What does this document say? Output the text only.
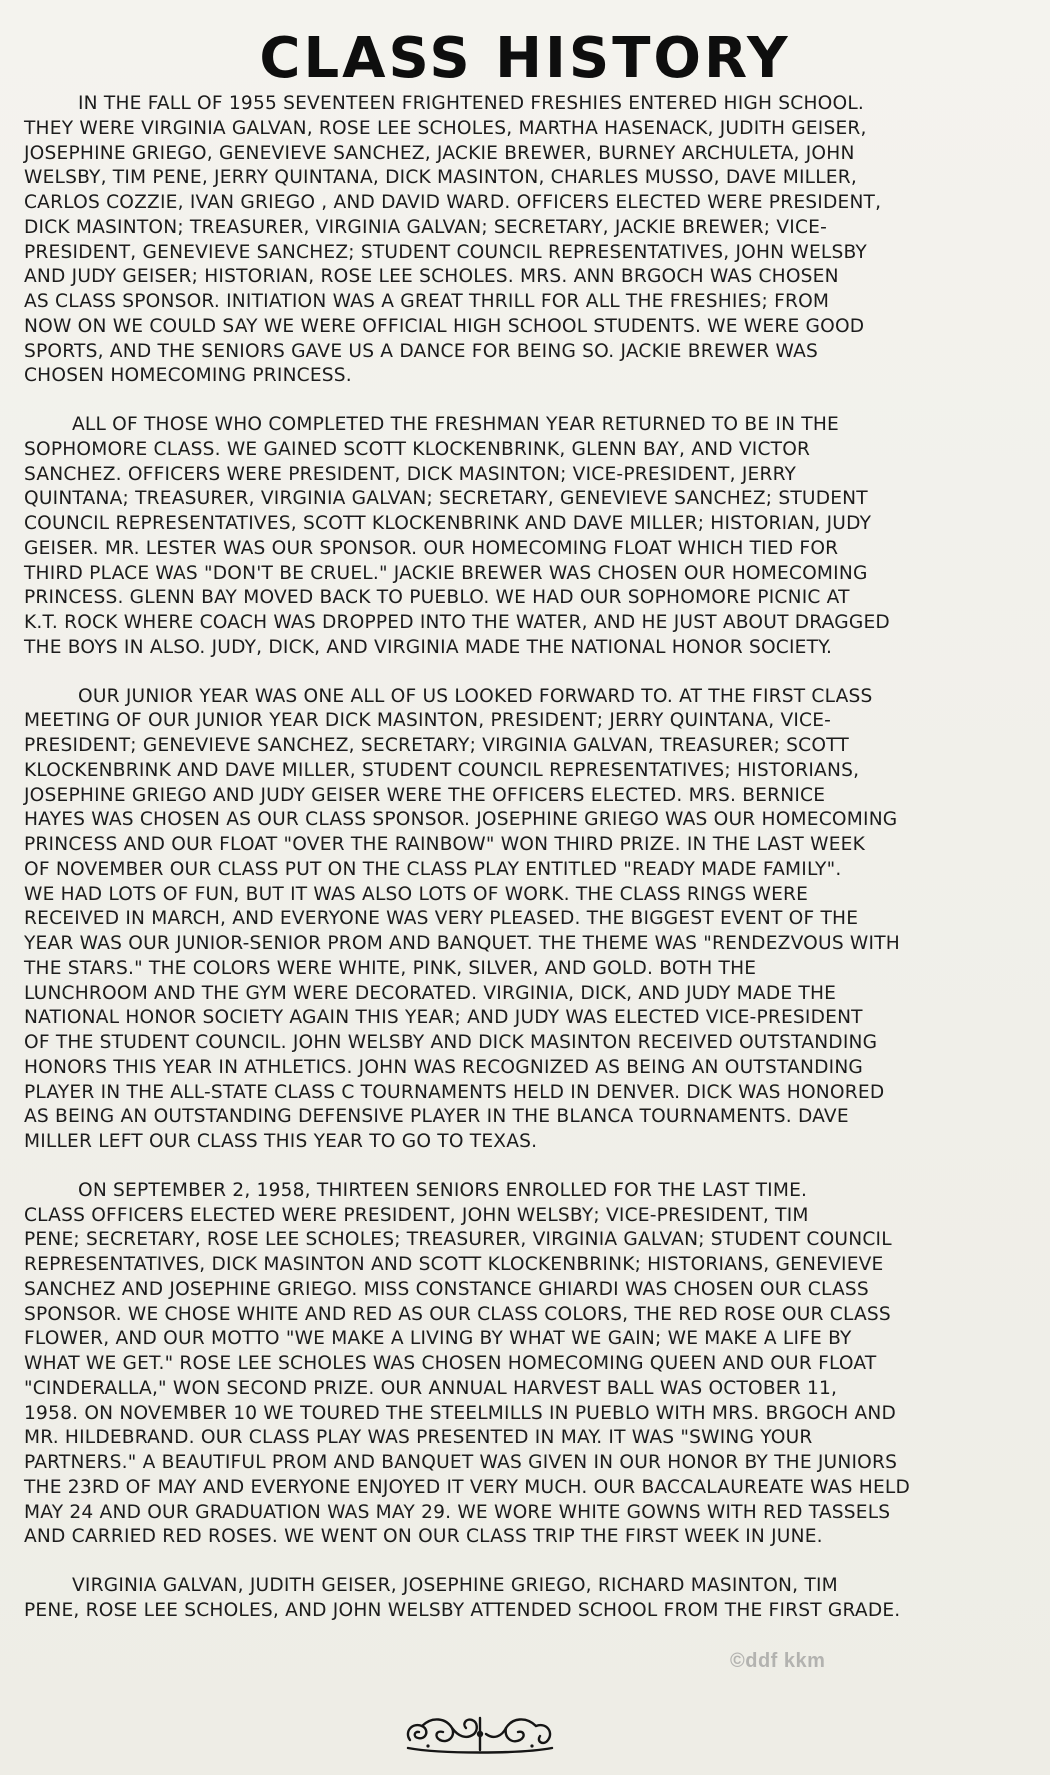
CLASS HISTORY

IN THE FALL OF 1955 SEVENTEEN FRIGHTENED FRESHIES ENTERED HIGH SCHOOL.
THEY WERE VIRGINIA GALVAN, ROSE LEE SCHOLES, MARTHA HASENACK, JUDITH GEISER,
JOSEPHINE GRIEGO, GENEVIEVE SANCHEZ, JACKIE BREWER, BURNEY ARCHULETA, JOHN
WELSBY, TIM PENE, JERRY QUINTANA, DICK MASINTON, CHARLES MUSSO, DAVE MILLER,
CARLOS COZZIE, IVAN GRIEGO , AND DAVID WARD. OFFICERS ELECTED WERE PRESIDENT,
DICK MASINTON; TREASURER, VIRGINIA GALVAN; SECRETARY, JACKIE BREWER; VICE-
PRESIDENT, GENEVIEVE SANCHEZ; STUDENT COUNCIL REPRESENTATIVES, JOHN WELSBY
AND JUDY GEISER; HISTORIAN, ROSE LEE SCHOLES. MRS. ANN BRGOCH WAS CHOSEN
AS CLASS SPONSOR. INITIATION WAS A GREAT THRILL FOR ALL THE FRESHIES; FROM
NOW ON WE COULD SAY WE WERE OFFICIAL HIGH SCHOOL STUDENTS. WE WERE GOOD
SPORTS, AND THE SENIORS GAVE US A DANCE FOR BEING SO. JACKIE BREWER WAS
CHOSEN HOMECOMING PRINCESS.

ALL OF THOSE WHO COMPLETED THE FRESHMAN YEAR RETURNED TO BE IN THE
SOPHOMORE CLASS. WE GAINED SCOTT KLOCKENBRINK, GLENN BAY, AND VICTOR
SANCHEZ. OFFICERS WERE PRESIDENT, DICK MASINTON; VICE-PRESIDENT, JERRY
QUINTANA; TREASURER, VIRGINIA GALVAN; SECRETARY, GENEVIEVE SANCHEZ; STUDENT
COUNCIL REPRESENTATIVES, SCOTT KLOCKENBRINK AND DAVE MILLER; HISTORIAN, JUDY
GEISER. MR. LESTER WAS OUR SPONSOR. OUR HOMECOMING FLOAT WHICH TIED FOR
THIRD PLACE WAS "DON'T BE CRUEL." JACKIE BREWER WAS CHOSEN OUR HOMECOMING
PRINCESS. GLENN BAY MOVED BACK TO PUEBLO. WE HAD OUR SOPHOMORE PICNIC AT
K.T. ROCK WHERE COACH WAS DROPPED INTO THE WATER, AND HE JUST ABOUT DRAGGED
THE BOYS IN ALSO. JUDY, DICK, AND VIRGINIA MADE THE NATIONAL HONOR SOCIETY.

OUR JUNIOR YEAR WAS ONE ALL OF US LOOKED FORWARD TO. AT THE FIRST CLASS
MEETING OF OUR JUNIOR YEAR DICK MASINTON, PRESIDENT; JERRY QUINTANA, VICE-
PRESIDENT; GENEVIEVE SANCHEZ, SECRETARY; VIRGINIA GALVAN, TREASURER; SCOTT
KLOCKENBRINK AND DAVE MILLER, STUDENT COUNCIL REPRESENTATIVES; HISTORIANS,
JOSEPHINE GRIEGO AND JUDY GEISER WERE THE OFFICERS ELECTED. MRS. BERNICE
HAYES WAS CHOSEN AS OUR CLASS SPONSOR. JOSEPHINE GRIEGO WAS OUR HOMECOMING
PRINCESS AND OUR FLOAT "OVER THE RAINBOW" WON THIRD PRIZE. IN THE LAST WEEK
OF NOVEMBER OUR CLASS PUT ON THE CLASS PLAY ENTITLED "READY MADE FAMILY".
WE HAD LOTS OF FUN, BUT IT WAS ALSO LOTS OF WORK. THE CLASS RINGS WERE
RECEIVED IN MARCH, AND EVERYONE WAS VERY PLEASED. THE BIGGEST EVENT OF THE
YEAR WAS OUR JUNIOR-SENIOR PROM AND BANQUET. THE THEME WAS "RENDEZVOUS WITH
THE STARS." THE COLORS WERE WHITE, PINK, SILVER, AND GOLD. BOTH THE
LUNCHROOM AND THE GYM WERE DECORATED. VIRGINIA, DICK, AND JUDY MADE THE
NATIONAL HONOR SOCIETY AGAIN THIS YEAR; AND JUDY WAS ELECTED VICE-PRESIDENT
OF THE STUDENT COUNCIL. JOHN WELSBY AND DICK MASINTON RECEIVED OUTSTANDING
HONORS THIS YEAR IN ATHLETICS. JOHN WAS RECOGNIZED AS BEING AN OUTSTANDING
PLAYER IN THE ALL-STATE CLASS C TOURNAMENTS HELD IN DENVER. DICK WAS HONORED
AS BEING AN OUTSTANDING DEFENSIVE PLAYER IN THE BLANCA TOURNAMENTS. DAVE
MILLER LEFT OUR CLASS THIS YEAR TO GO TO TEXAS.

ON SEPTEMBER 2, 1958, THIRTEEN SENIORS ENROLLED FOR THE LAST TIME.
CLASS OFFICERS ELECTED WERE PRESIDENT, JOHN WELSBY; VICE-PRESIDENT, TIM
PENE; SECRETARY, ROSE LEE SCHOLES; TREASURER, VIRGINIA GALVAN; STUDENT COUNCIL
REPRESENTATIVES, DICK MASINTON AND SCOTT KLOCKENBRINK; HISTORIANS, GENEVIEVE
SANCHEZ AND JOSEPHINE GRIEGO. MISS CONSTANCE GHIARDI WAS CHOSEN OUR CLASS
SPONSOR. WE CHOSE WHITE AND RED AS OUR CLASS COLORS, THE RED ROSE OUR CLASS
FLOWER, AND OUR MOTTO "WE MAKE A LIVING BY WHAT WE GAIN; WE MAKE A LIFE BY
WHAT WE GET." ROSE LEE SCHOLES WAS CHOSEN HOMECOMING QUEEN AND OUR FLOAT
"CINDERALLA," WON SECOND PRIZE. OUR ANNUAL HARVEST BALL WAS OCTOBER 11,
1958. ON NOVEMBER 10 WE TOURED THE STEELMILLS IN PUEBLO WITH MRS. BRGOCH AND
MR. HILDEBRAND. OUR CLASS PLAY WAS PRESENTED IN MAY. IT WAS "SWING YOUR
PARTNERS." A BEAUTIFUL PROM AND BANQUET WAS GIVEN IN OUR HONOR BY THE JUNIORS
THE 23RD OF MAY AND EVERYONE ENJOYED IT VERY MUCH. OUR BACCALAUREATE WAS HELD
MAY 24 AND OUR GRADUATION WAS MAY 29. WE WORE WHITE GOWNS WITH RED TASSELS
AND CARRIED RED ROSES. WE WENT ON OUR CLASS TRIP THE FIRST WEEK IN JUNE.

VIRGINIA GALVAN, JUDITH GEISER, JOSEPHINE GRIEGO, RICHARD MASINTON, TIM
PENE, ROSE LEE SCHOLES, AND JOHN WELSBY ATTENDED SCHOOL FROM THE FIRST GRADE.

©ddf kkm
